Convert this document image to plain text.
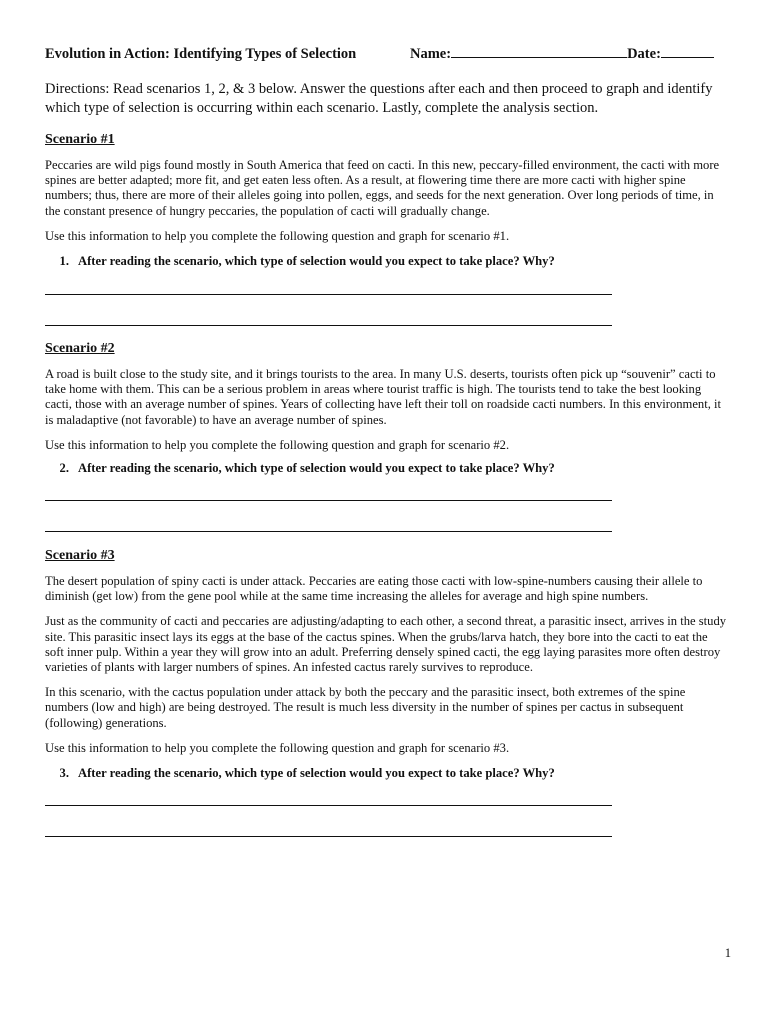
Evolution in Action: Identifying Types of Selection	Name:	Date:
Directions: Read scenarios 1, 2, & 3 below. Answer the questions after each and then proceed to graph and identify which type of selection is occurring within each scenario. Lastly, complete the analysis section.
Scenario #1

Peccaries are wild pigs found mostly in South America that feed on cacti. In this new, peccary-filled environment, the cacti with more spines are better adapted; more fit, and get eaten less often. As a result, at flowering time there are more cacti with higher spine numbers; thus, there are more of their alleles going into pollen, eggs, and seeds for the next generation. Over long periods of time, in the constant presence of hungry peccaries, the population of cacti will gradually change.

Use this information to help you complete the following question and graph for scenario #1.

1. After reading the scenario, which type of selection would you expect to take place? Why?
Scenario #2

A road is built close to the study site, and it brings tourists to the area. In many U.S. deserts, tourists often pick up “souvenir” cacti to take home with them. This can be a serious problem in areas where tourist traffic is high. The tourists tend to take the best looking cacti, those with an average number of spines. Years of collecting have left their toll on roadside cacti numbers. In this environment, it is maladaptive (not favorable) to have an average number of spines.

Use this information to help you complete the following question and graph for scenario #2.

2. After reading the scenario, which type of selection would you expect to take place? Why?
Scenario #3

The desert population of spiny cacti is under attack. Peccaries are eating those cacti with low-spine-numbers causing their allele to diminish (get low) from the gene pool while at the same time increasing the alleles for average and high spine numbers.

Just as the community of cacti and peccaries are adjusting/adapting to each other, a second threat, a parasitic insect, arrives in the study site. This parasitic insect lays its eggs at the base of the cactus spines. When the grubs/larva hatch, they bore into the cacti to eat the soft inner pulp. Within a year they will grow into an adult. Preferring densely spined cacti, the egg laying parasites more often destroy varieties of plants with larger numbers of spines. An infested cactus rarely survives to reproduce.

In this scenario, with the cactus population under attack by both the peccary and the parasitic insect, both extremes of the spine numbers (low and high) are being destroyed. The result is much less diversity in the number of spines per cactus in subsequent (following) generations.

Use this information to help you complete the following question and graph for scenario #3.

3. After reading the scenario, which type of selection would you expect to take place? Why?
1
